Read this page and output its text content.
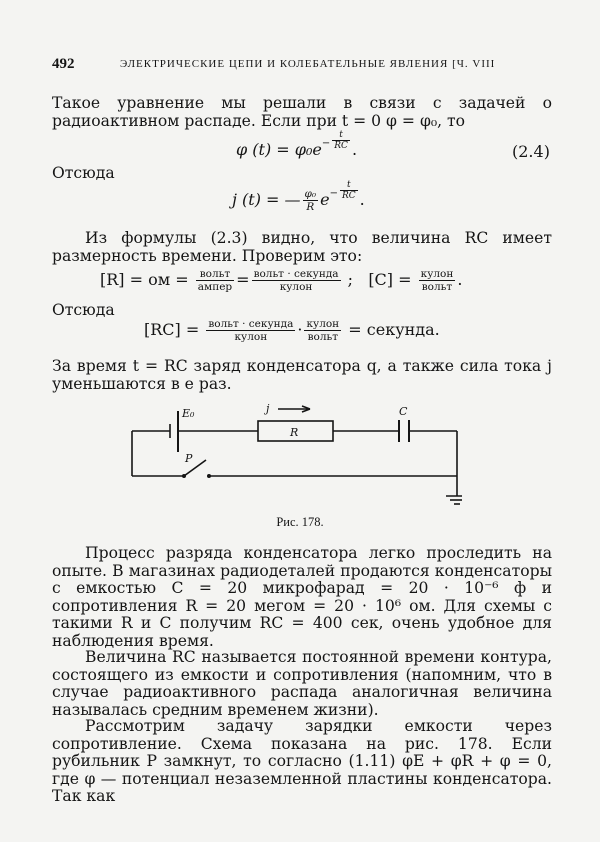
492	ЭЛЕКТРИЧЕСКИЕ ЦЕПИ И КОЛЕБАТЕЛЬНЫЕ ЯВЛЕНИЯ [Ч. VIII

Такое уравнение мы решали в связи с задачей о радиоактивном распаде. Если при t = 0 φ = φ₀, то

φ $(t) = \varphi_0e^- \frac{t}{RC}$ .	(2.4)

Отсюда

j (t) = — $\frac{\text{φ₀}}{R} e^- \frac{t}{RC}$ .

Из формулы (2.3) видно, что величина RC имеет размерность времени. Проверим это:

[R] = ом = $\frac{\text{вольт}}{\text{ампер}} = \frac{\text{вольт · секунда}}{\text{кулон}}$ ; $[C] = \frac{\text{кулон}}{\text{вольт}}$ .

Отсюда

$[RC] = \frac{\text{вольт · секунда}}{\text{кулон}} \cdot \frac{\text{кулон}}{\text{вольт}}$ = секунда.

За время t = RC заряд конденсатора q, а также сила тока j уменьшаются в e раз.

E₀	j
R
C
P
Рис. 178.

Процесс разряда конденсатора легко проследить на опыте. В магазинах радиодеталей продаются конденсаторы с емкостью C = 20 микрофарад = 20 · 10⁻⁶ ф и сопротивления R = 20 мегом = 20 · 10⁶ ом. Для схемы с такими R и C получим RC = 400 сек, очень удобное для наблюдения время.

Величина RC называется постоянной времени контура, состоящего из емкости и сопротивления (напомним, что в случае радиоактивного распада аналогичная величина называлась средним временем жизни).

Рассмотрим задачу зарядки емкости через сопротивление. Схема показана на рис. 178. Если рубильник P замкнут, то согласно (1.11) φE + φR + φ = 0, где φ — потенциал незаземленной пластины конденсатора. Так как
